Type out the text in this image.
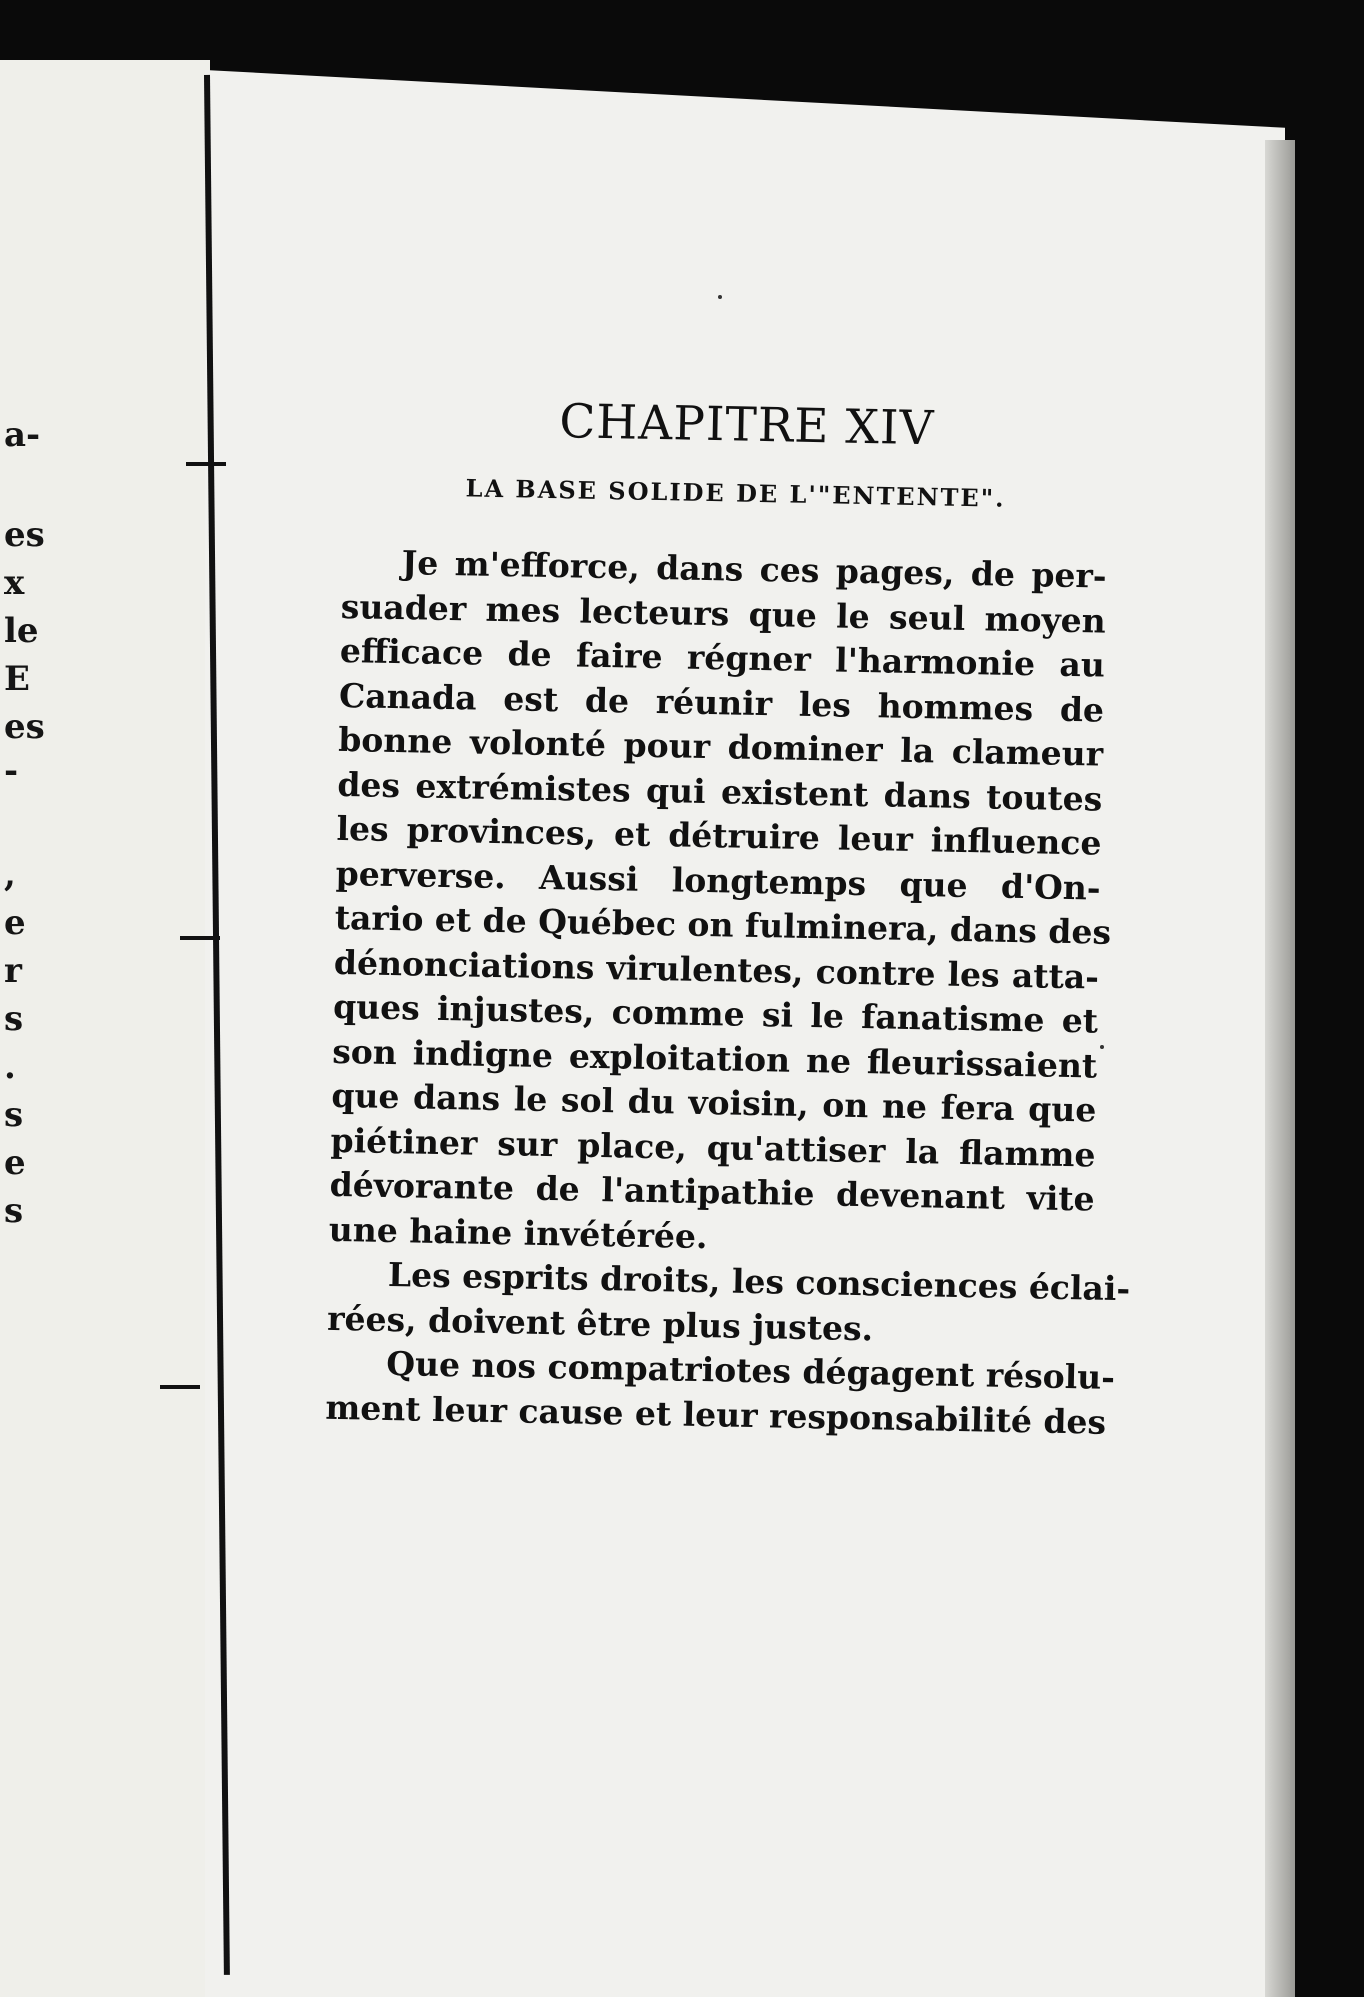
a-
es
x
le
E
es
-
,
e
r
s
.
s
e
s
CHAPITRE XIV
LA BASE SOLIDE DE L'"ENTENTE".
Je m'efforce, dans ces pages, de per-
suader mes lecteurs que le seul moyen
efficace de faire régner l'harmonie au
Canada est de réunir les hommes de
bonne volonté pour dominer la clameur
des extrémistes qui existent dans toutes
les provinces, et détruire leur influence
perverse. Aussi longtemps que d'On-
tario et de Québec on fulminera, dans des
dénonciations virulentes, contre les atta-
ques injustes, comme si le fanatisme et
son indigne exploitation ne fleurissaient
que dans le sol du voisin, on ne fera que
piétiner sur place, qu'attiser la flamme
dévorante de l'antipathie devenant vite
une haine invétérée.
Les esprits droits, les consciences éclai-
rées, doivent être plus justes.
Que nos compatriotes dégagent résolu-
ment leur cause et leur responsabilité des
